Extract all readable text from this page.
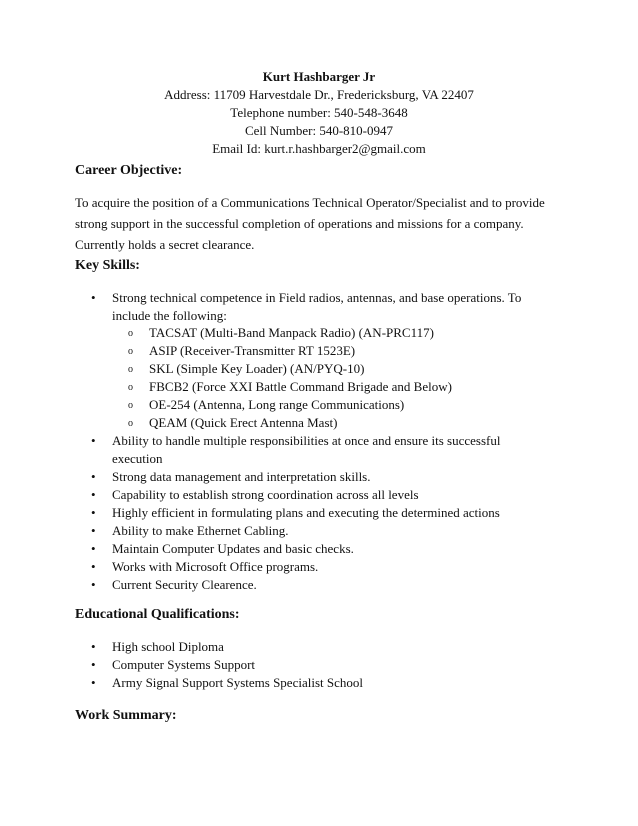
Kurt Hashbarger Jr
Address: 11709 Harvestdale Dr., Fredericksburg, VA 22407
Telephone number: 540-548-3648
Cell Number: 540-810-0947
Email Id: kurt.r.hashbarger2@gmail.com
Career Objective:
To acquire the position of a Communications Technical Operator/Specialist and to provide strong support in the successful completion of operations and missions for a company. Currently holds a secret clearance.
Key Skills:
• Strong technical competence in Field radios, antennas, and base operations. To include the following:
o TACSAT (Multi-Band Manpack Radio) (AN-PRC117)
o ASIP (Receiver-Transmitter RT 1523E)
o SKL (Simple Key Loader) (AN/PYQ-10)
o FBCB2 (Force XXI Battle Command Brigade and Below)
o OE-254 (Antenna, Long range Communications)
o QEAM (Quick Erect Antenna Mast)
• Ability to handle multiple responsibilities at once and ensure its successful execution
• Strong data management and interpretation skills.
• Capability to establish strong coordination across all levels
• Highly efficient in formulating plans and executing the determined actions
• Ability to make Ethernet Cabling.
• Maintain Computer Updates and basic checks.
• Works with Microsoft Office programs.
• Current Security Clearence.
Educational Qualifications:
• High school Diploma
• Computer Systems Support
• Army Signal Support Systems Specialist School
Work Summary:
